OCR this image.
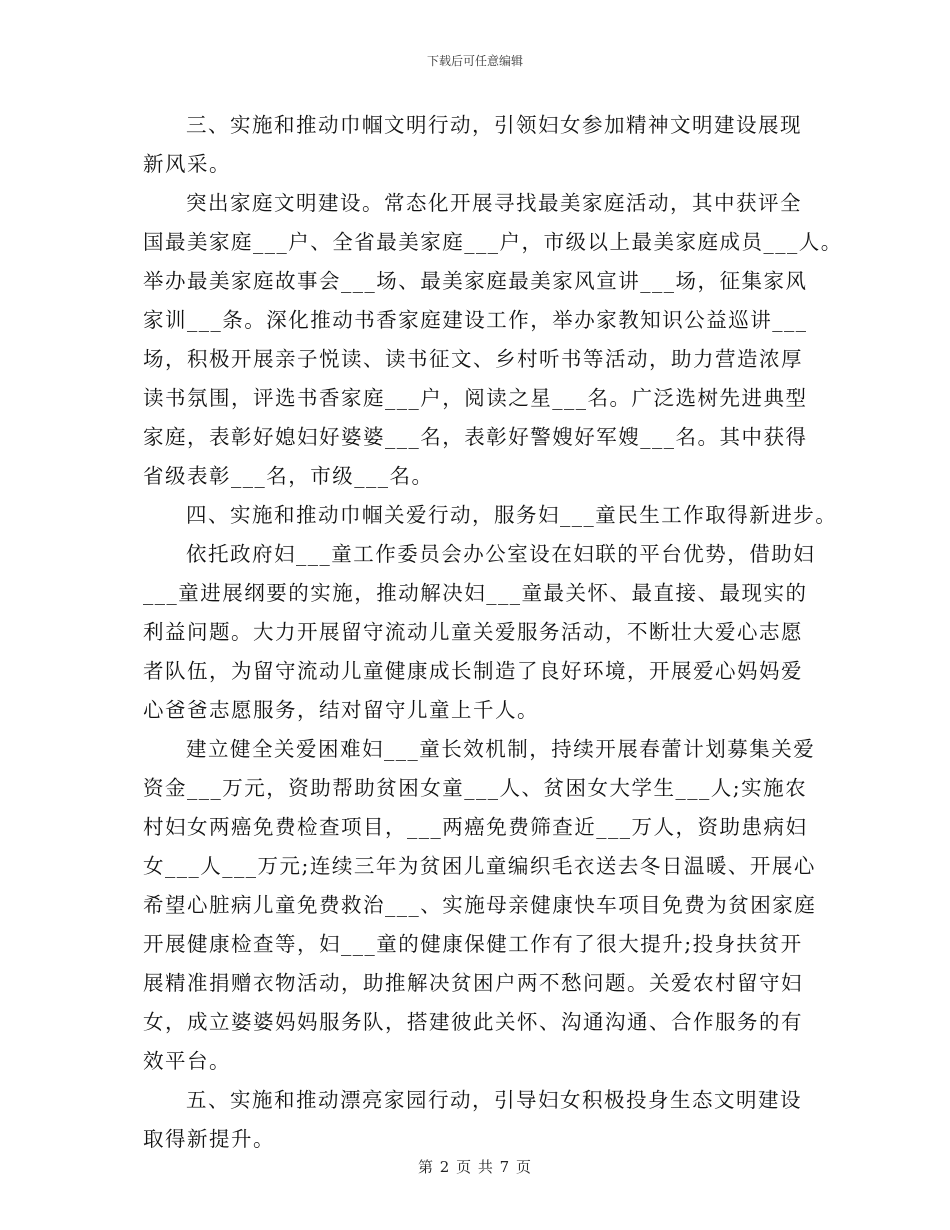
下载后可任意编辑

三、实施和推动巾帼文明行动，引领妇女参加精神文明建设展现
新风采。

突出家庭文明建设。常态化开展寻找最美家庭活动，其中获评全
国最美家庭___户、全省最美家庭___户，市级以上最美家庭成员___人。
举办最美家庭故事会___场、最美家庭最美家风宣讲___场，征集家风
家训___条。深化推动书香家庭建设工作，举办家教知识公益巡讲___
场，积极开展亲子悦读、读书征文、乡村听书等活动，助力营造浓厚
读书氛围，评选书香家庭___户，阅读之星___名。广泛选树先进典型
家庭，表彰好媳妇好婆婆___名，表彰好警嫂好军嫂___名。其中获得
省级表彰___名，市级___名。

四、实施和推动巾帼关爱行动，服务妇___童民生工作取得新进步。

依托政府妇___童工作委员会办公室设在妇联的平台优势，借助妇
___童进展纲要的实施，推动解决妇___童最关怀、最直接、最现实的
利益问题。大力开展留守流动儿童关爱服务活动，不断壮大爱心志愿
者队伍，为留守流动儿童健康成长制造了良好环境，开展爱心妈妈爱
心爸爸志愿服务，结对留守儿童上千人。

建立健全关爱困难妇___童长效机制，持续开展春蕾计划募集关爱
资金___万元，资助帮助贫困女童___人、贫困女大学生___人;实施农
村妇女两癌免费检查项目，___两癌免费筛查近___万人，资助患病妇
女___人___万元;连续三年为贫困儿童编织毛衣送去冬日温暖、开展心
希望心脏病儿童免费救治___、实施母亲健康快车项目免费为贫困家庭
开展健康检查等，妇___童的健康保健工作有了很大提升;投身扶贫开
展精准捐赠衣物活动，助推解决贫困户两不愁问题。关爱农村留守妇
女，成立婆婆妈妈服务队，搭建彼此关怀、沟通沟通、合作服务的有
效平台。

五、实施和推动漂亮家园行动，引导妇女积极投身生态文明建设
取得新提升。

第 2 页 共 7 页
